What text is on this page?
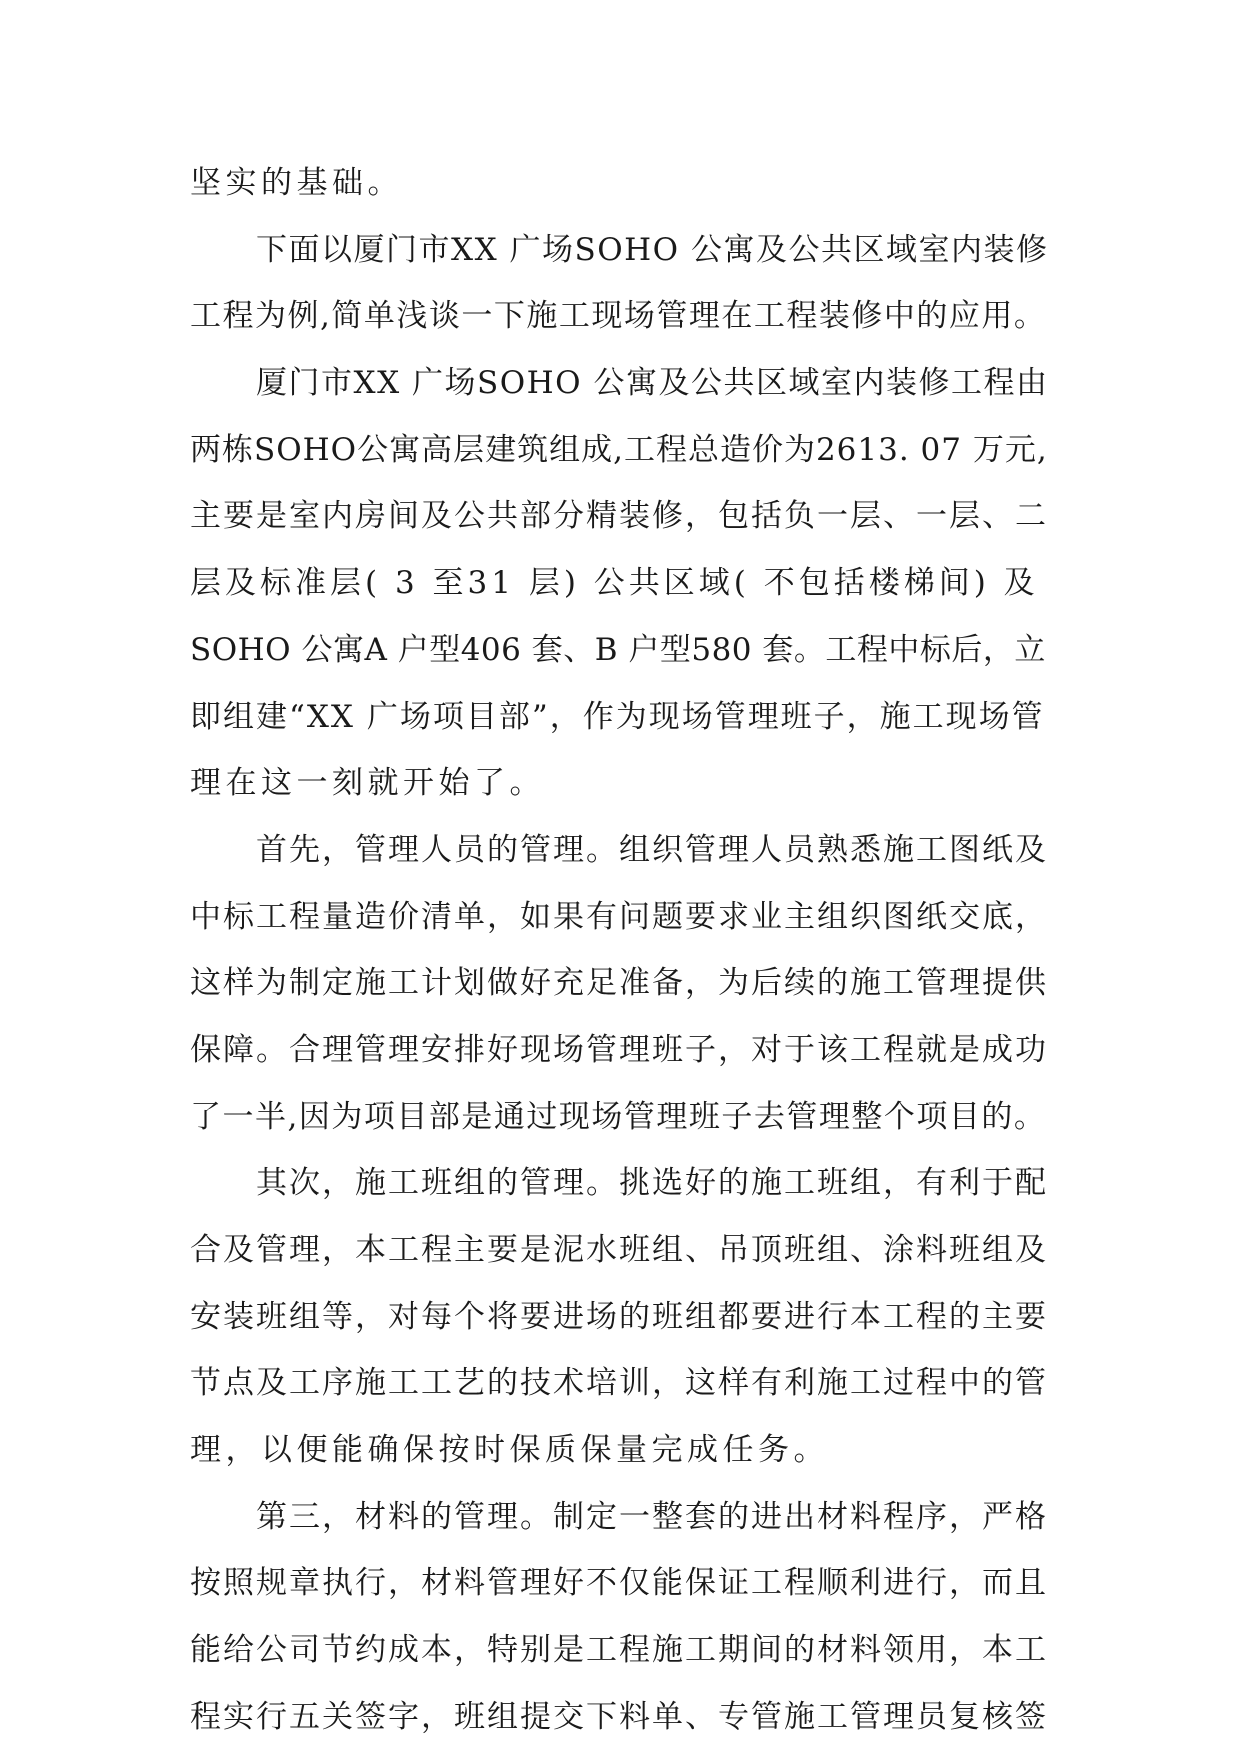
坚实的基础。
下面以厦门市XX 广场SOHO 公寓及公共区域室内装修
工程为例,简单浅谈一下施工现场管理在工程装修中的应用。
厦门市XX 广场SOHO 公寓及公共区域室内装修工程由
两栋SOHO公寓高层建筑组成,工程总造价为2613. 07 万元,
主要是室内房间及公共部分精装修，包括负一层、一层、二
层及标准层( 3 至31 层) 公共区域( 不包括楼梯间) 及
SOHO 公寓A 户型406 套、B 户型580 套。工程中标后，立
即组建“XX 广场项目部”，作为现场管理班子，施工现场管
理在这一刻就开始了。
首先，管理人员的管理。组织管理人员熟悉施工图纸及
中标工程量造价清单，如果有问题要求业主组织图纸交底，
这样为制定施工计划做好充足准备，为后续的施工管理提供
保障。合理管理安排好现场管理班子，对于该工程就是成功
了一半,因为项目部是通过现场管理班子去管理整个项目的。
其次，施工班组的管理。挑选好的施工班组，有利于配
合及管理，本工程主要是泥水班组、吊顶班组、涂料班组及
安装班组等，对每个将要进场的班组都要进行本工程的主要
节点及工序施工工艺的技术培训，这样有利施工过程中的管
理，以便能确保按时保质保量完成任务。
第三，材料的管理。制定一整套的进出材料程序，严格
按照规章执行，材料管理好不仅能保证工程顺利进行，而且
能给公司节约成本，特别是工程施工期间的材料领用，本工
程实行五关签字，班组提交下料单、专管施工管理员复核签
